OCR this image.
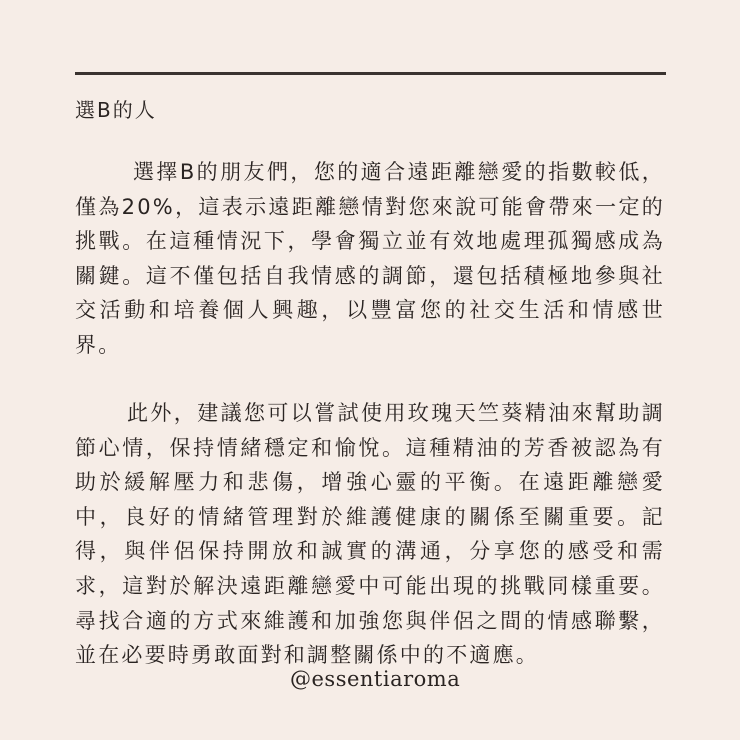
選B的人

選擇B的朋友們，您的適合遠距離戀愛的指數較低，僅為20%，這表示遠距離戀情對您來說可能會帶來一定的挑戰。在這種情況下，學會獨立並有效地處理孤獨感成為關鍵。這不僅包括自我情感的調節，還包括積極地參與社交活動和培養個人興趣，以豐富您的社交生活和情感世界。

此外，建議您可以嘗試使用玫瑰天竺葵精油來幫助調節心情，保持情緒穩定和愉悅。這種精油的芳香被認為有助於緩解壓力和悲傷，增強心靈的平衡。在遠距離戀愛中，良好的情緒管理對於維護健康的關係至關重要。記得，與伴侶保持開放和誠實的溝通，分享您的感受和需求，這對於解決遠距離戀愛中可能出現的挑戰同樣重要。尋找合適的方式來維護和加強您與伴侶之間的情感聯繫，並在必要時勇敢面對和調整關係中的不適應。

@essentiaroma
